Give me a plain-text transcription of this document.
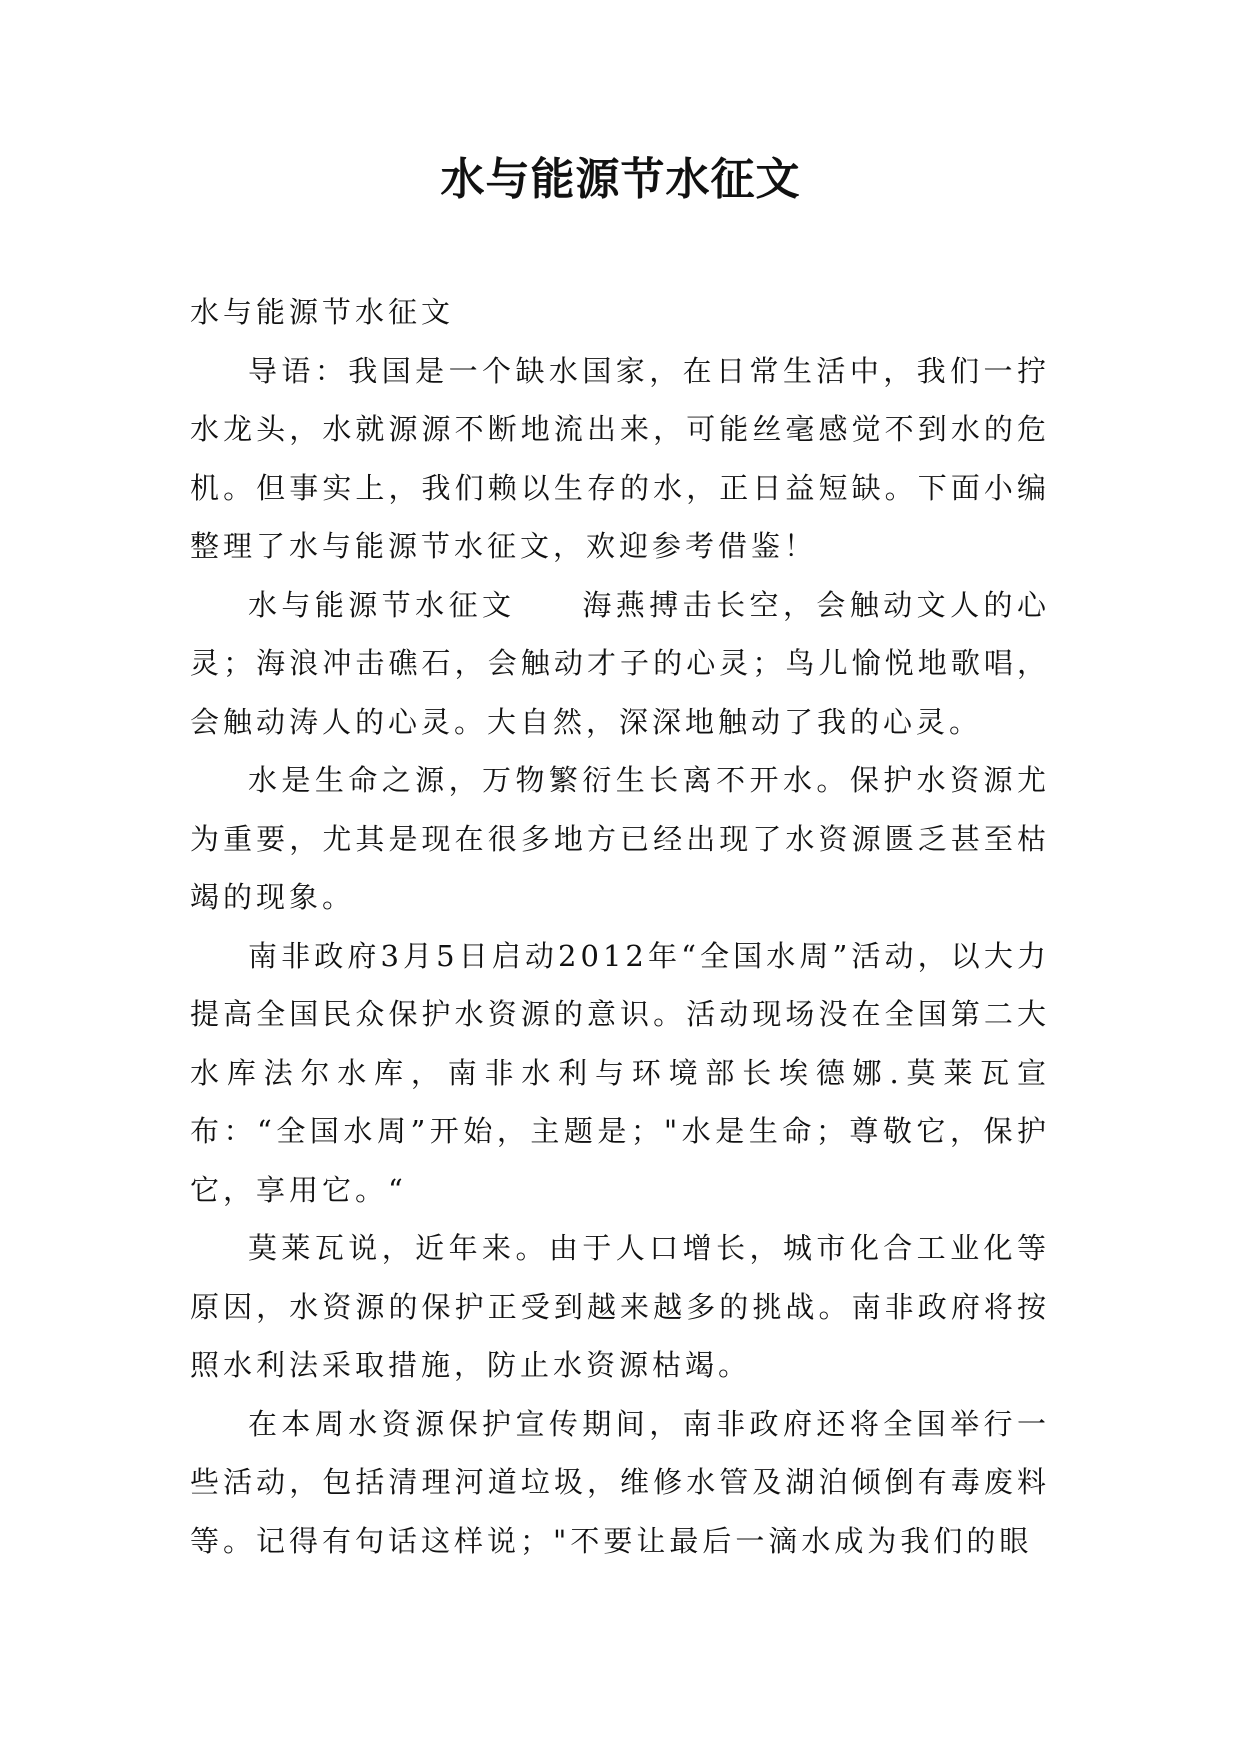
水与能源节水征文

水与能源节水征文

导语：我国是一个缺水国家，在日常生活中，我们一拧水龙头，水就源源不断地流出来，可能丝毫感觉不到水的危机。但事实上，我们赖以生存的水，正日益短缺。下面小编整理了水与能源节水征文，欢迎参考借鉴！

水与能源节水征文　　海燕搏击长空，会触动文人的心灵；海浪冲击礁石，会触动才子的心灵；鸟儿愉悦地歌唱，会触动涛人的心灵。大自然，深深地触动了我的心灵。

水是生命之源，万物繁衍生长离不开水。保护水资源尤为重要，尤其是现在很多地方已经出现了水资源匮乏甚至枯竭的现象。

南非政府3月5日启动2012年“全国水周”活动，以大力提高全国民众保护水资源的意识。活动现场没在全国第二大水库法尔水库，南非水利与环境部长埃德娜.莫莱瓦宣布：“全国水周”开始，主题是；"水是生命；尊敬它，保护它，享用它。“

莫莱瓦说，近年来。由于人口增长，城市化合工业化等原因，水资源的保护正受到越来越多的挑战。南非政府将按照水利法采取措施，防止水资源枯竭。

在本周水资源保护宣传期间，南非政府还将全国举行一些活动，包括清理河道垃圾，维修水管及湖泊倾倒有毒废料等。记得有句话这样说；"不要让最后一滴水成为我们的眼
